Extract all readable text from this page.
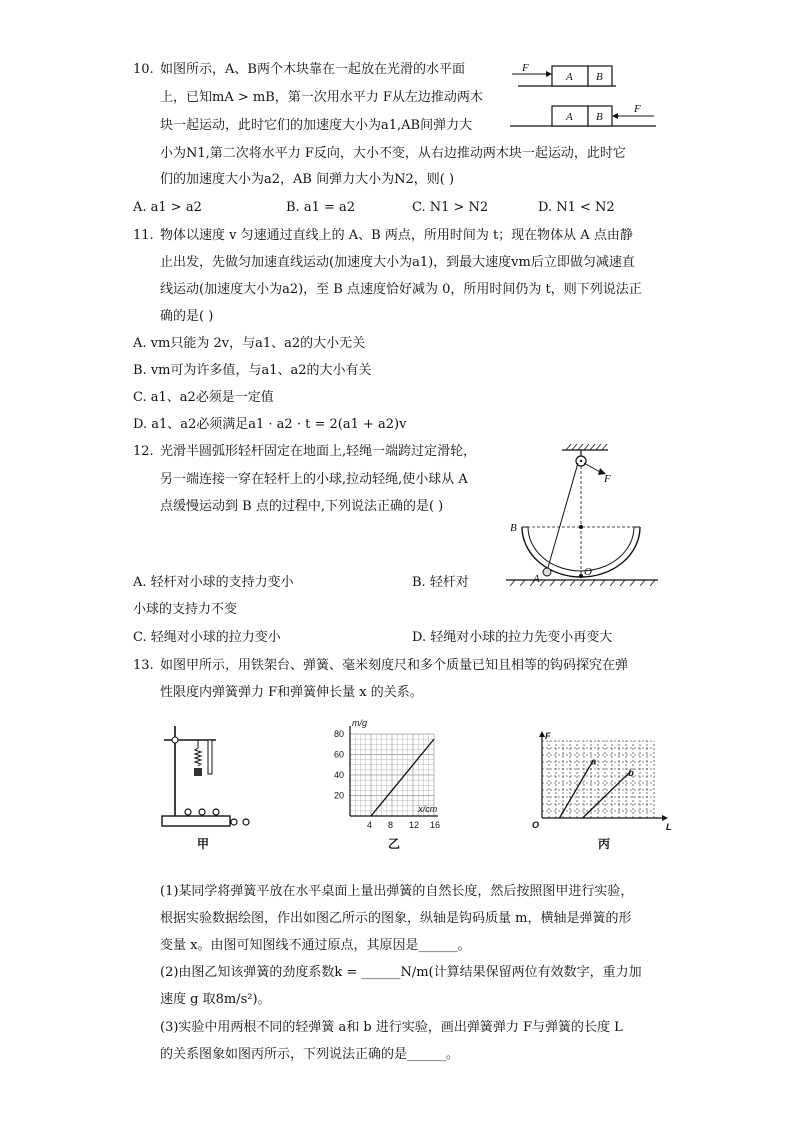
10. 如图所示，A、B两个木块靠在一起放在光滑的水平面
上，已知mA > mB，第一次用水平力 F从左边推动两木
块一起运动，此时它们的加速度大小为a1,AB间弹力大
小为N1,第二次将水平力 F反向，大小不变，从右边推动两木块一起运动，此时它
们的加速度大小为a2，AB 间弹力大小为N2，则( )
F
A B
A B
F
A. a1 > a2	B. a1 = a2	C. N1 > N2	D. N1 < N2
11. 物体以速度 v 匀速通过直线上的 A、B 两点，所用时间为 t；现在物体从 A 点由静
止出发，先做匀加速直线运动(加速度大小为a1)，到最大速度vm后立即做匀减速直
线运动(加速度大小为a2)，至 B 点速度恰好减为 0，所用时间仍为 t，则下列说法正
确的是( )
A. vm只能为 2v，与a1、a2的大小无关
B. vm可为许多值，与a1、a2的大小有关
C. a1、a2必须是一定值
D. a1、a2必须满足a1 · a2 · t = 2(a1 + a2)v
12. 光滑半圆弧形轻杆固定在地面上,轻绳一端跨过定滑轮，
另一端连接一穿在轻杆上的小球,拉动轻绳,使小球从 A
点缓慢运动到 B 点的过程中,下列说法正确的是( )
F
B
A
O
A. 轻杆对小球的支持力变小	B. 轻杆对
小球的支持力不变
C. 轻绳对小球的拉力变小	D. 轻绳对小球的拉力先变小再变大
13. 如图甲所示，用铁架台、弹簧、毫米刻度尺和多个质量已知且相等的钩码探究在弹
性限度内弹簧弹力 F和弹簧伸长量 x 的关系。
甲
4 8 12 16
20
40
60
80
m/g
x/cm
乙
F
L
O
a
b
丙
(1)某同学将弹簧平放在水平桌面上量出弹簧的自然长度，然后按照图甲进行实验，
根据实验数据绘图，作出如图乙所示的图象，纵轴是钩码质量 m，横轴是弹簧的形
变量 x。由图可知图线不通过原点，其原因是______。
(2)由图乙知该弹簧的劲度系数k = ______N/m(计算结果保留两位有效数字，重力加
速度 g 取8m/s²)。
(3)实验中用两根不同的轻弹簧 a和 b 进行实验，画出弹簧弹力 F与弹簧的长度 L
的关系图象如图丙所示，下列说法正确的是______。
